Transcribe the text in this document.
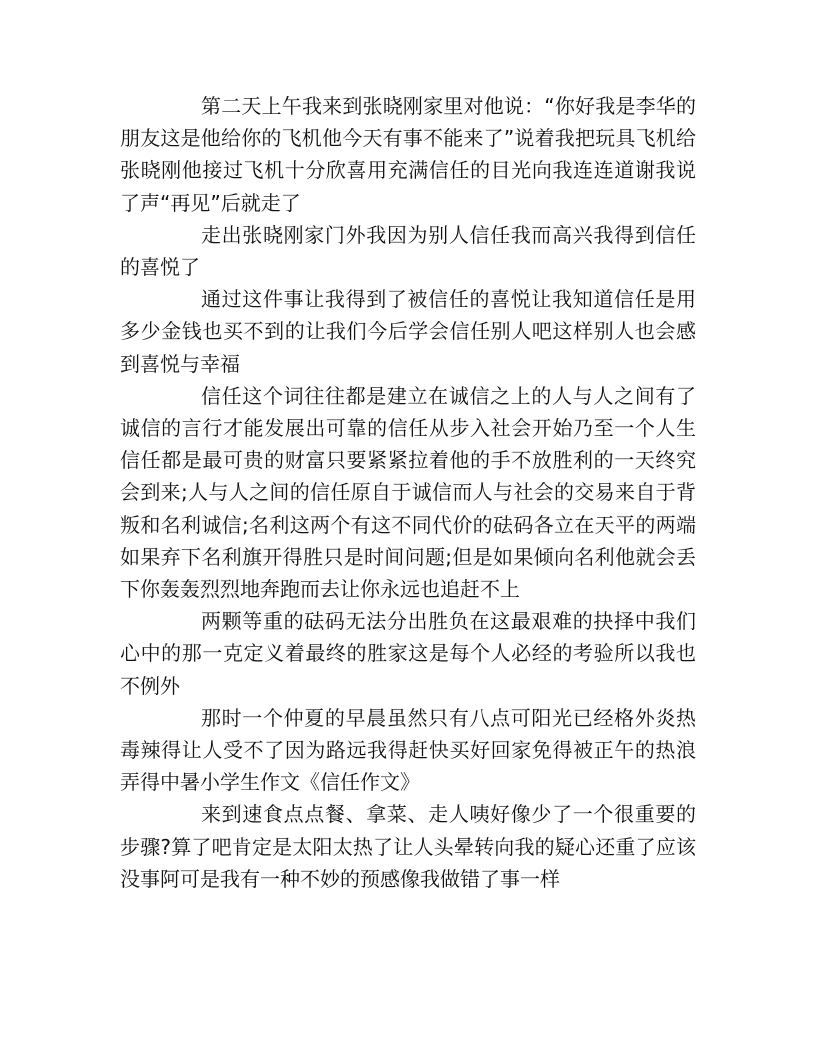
第二天上午我来到张晓刚家里对他说：“你好我是李华的朋友这是他给你的飞机他今天有事不能来了”说着我把玩具飞机给张晓刚他接过飞机十分欣喜用充满信任的目光向我连连道谢我说了声“再见”后就走了

走出张晓刚家门外我因为别人信任我而高兴我得到信任的喜悦了

通过这件事让我得到了被信任的喜悦让我知道信任是用多少金钱也买不到的让我们今后学会信任别人吧这样别人也会感到喜悦与幸福

信任这个词往往都是建立在诚信之上的人与人之间有了诚信的言行才能发展出可靠的信任从步入社会开始乃至一个人生信任都是最可贵的财富只要紧紧拉着他的手不放胜利的一天终究会到来;人与人之间的信任原自于诚信而人与社会的交易来自于背叛和名利诚信;名利这两个有这不同代价的砝码各立在天平的两端如果弃下名利旗开得胜只是时间问题;但是如果倾向名利他就会丢下你轰轰烈烈地奔跑而去让你永远也追赶不上

两颗等重的砝码无法分出胜负在这最艰难的抉择中我们心中的那一克定义着最终的胜家这是每个人必经的考验所以我也不例外

那时一个仲夏的早晨虽然只有八点可阳光已经格外炎热毒辣得让人受不了因为路远我得赶快买好回家免得被正午的热浪弄得中暑小学生作文《信任作文》

来到速食点点餐、拿菜、走人咦好像少了一个很重要的步骤?算了吧肯定是太阳太热了让人头晕转向我的疑心还重了应该没事阿可是我有一种不妙的预感像我做错了事一样
